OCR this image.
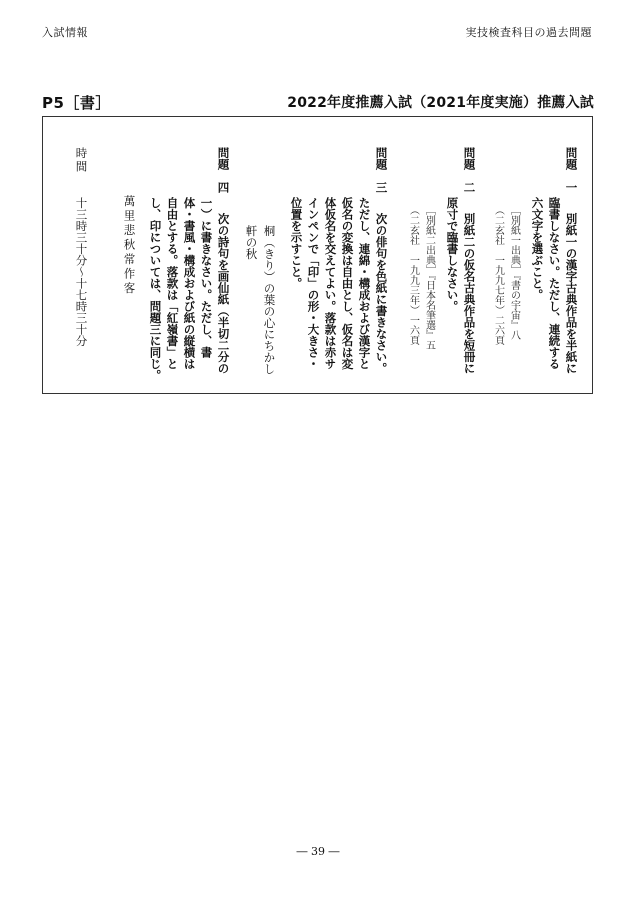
入試情報	実技検査科目の過去問題
P5［書］	2022年度推薦入試（2021年度実施）推薦入試
問題　一
別紙一の漢字古典作品を半紙に
臨書しなさい。ただし、連続する
六文字を選ぶこと。
［別紙一出典］『書の宇宙』八
（二玄社　一九九七年）二六頁
問題　二
別紙二の仮名古典作品を短冊に
原寸で臨書しなさい。
［別紙二出典］『日本名筆選』五
（二玄社　一九九三年）一六頁
問題　三
次の俳句を色紙に書きなさい。
ただし、連綿・構成および漢字と
仮名の変換は自由とし、仮名は変
体仮名を交えてよい。落款は赤サ
インペンで「印」の形・大きさ・
位置を示すこと。
桐（きり）の葉の心にちかし
軒の秋
問題　四
次の詩句を画仙紙（半切二分の
一）に書きなさい。ただし、書
体・書風・構成および紙の縦横は
自由とする。落款は「紅嶺書」と
し、印については、問題三に同じ。
萬里悲秋常作客
時間
十三時三十分～十七時三十分
― 39 ―
